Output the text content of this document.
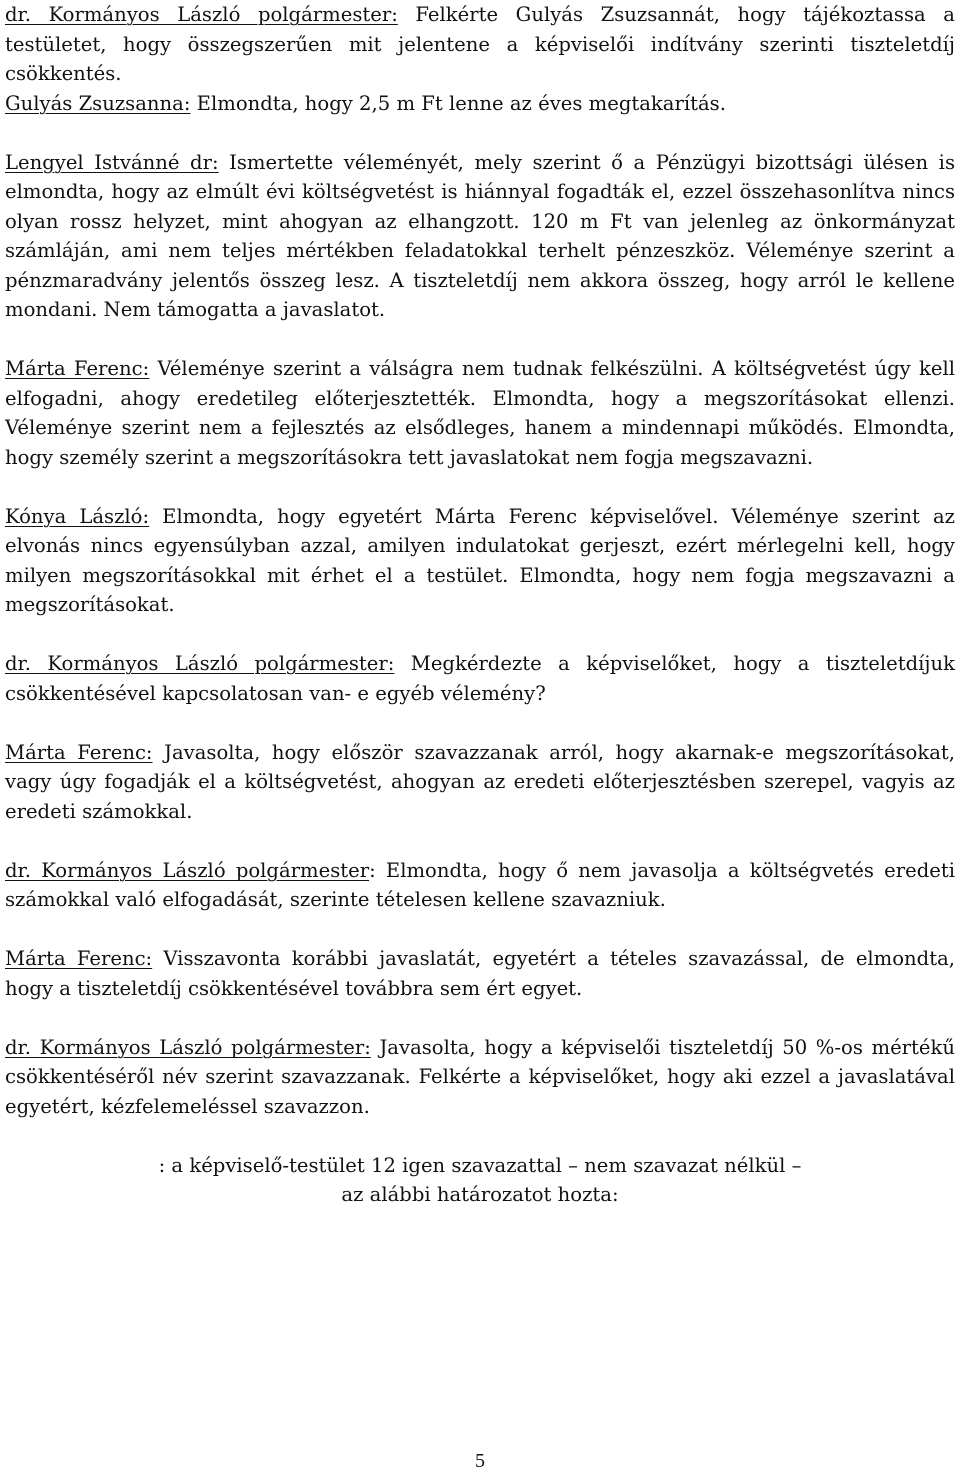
dr. Kormányos László polgármester: Felkérte Gulyás Zsuzsannát, hogy tájékoztassa a testületet, hogy összegszerűen mit jelentene a képviselői indítvány szerinti tiszteletdíj csökkentés.

Gulyás Zsuzsanna: Elmondta, hogy 2,5 m Ft lenne az éves megtakarítás.

Lengyel Istvánné dr: Ismertette véleményét, mely szerint ő a Pénzügyi bizottsági ülésen is elmondta, hogy az elmúlt évi költségvetést is hiánnyal fogadták el, ezzel összehasonlítva nincs olyan rossz helyzet, mint ahogyan az elhangzott. 120 m Ft van jelenleg az önkormányzat számláján, ami nem teljes mértékben feladatokkal terhelt pénzeszköz. Véleménye szerint a pénzmaradvány jelentős összeg lesz. A tiszteletdíj nem akkora összeg, hogy arról le kellene mondani. Nem támogatta a javaslatot.

Márta Ferenc: Véleménye szerint a válságra nem tudnak felkészülni. A költségvetést úgy kell elfogadni, ahogy eredetileg előterjesztették. Elmondta, hogy a megszorításokat ellenzi. Véleménye szerint nem a fejlesztés az elsődleges, hanem a mindennapi működés. Elmondta, hogy személy szerint a megszorításokra tett javaslatokat nem fogja megszavazni.

Kónya László: Elmondta, hogy egyetért Márta Ferenc képviselővel. Véleménye szerint az elvonás nincs egyensúlyban azzal, amilyen indulatokat gerjeszt, ezért mérlegelni kell, hogy milyen megszorításokkal mit érhet el a testület. Elmondta, hogy nem fogja megszavazni a megszorításokat.

dr. Kormányos László polgármester: Megkérdezte a képviselőket, hogy a tiszteletdíjuk csökkentésével kapcsolatosan van- e egyéb vélemény?

Márta Ferenc: Javasolta, hogy először szavazzanak arról, hogy akarnak-e megszorításokat, vagy úgy fogadják el a költségvetést, ahogyan az eredeti előterjesztésben szerepel, vagyis az eredeti számokkal.

dr. Kormányos László polgármester: Elmondta, hogy ő nem javasolja a költségvetés eredeti számokkal való elfogadását, szerinte tételesen kellene szavazniuk.

Márta Ferenc: Visszavonta korábbi javaslatát, egyetért a tételes szavazással, de elmondta, hogy a tiszteletdíj csökkentésével továbbra sem ért egyet.

dr. Kormányos László polgármester: Javasolta, hogy a képviselői tiszteletdíj 50 %-os mértékű csökkentéséről név szerint szavazzanak. Felkérte a képviselőket, hogy aki ezzel a javaslatával egyetért, kézfelemeléssel szavazzon.

: a képviselő-testület 12 igen szavazattal – nem szavazat nélkül –
az alábbi határozatot hozta:
5
